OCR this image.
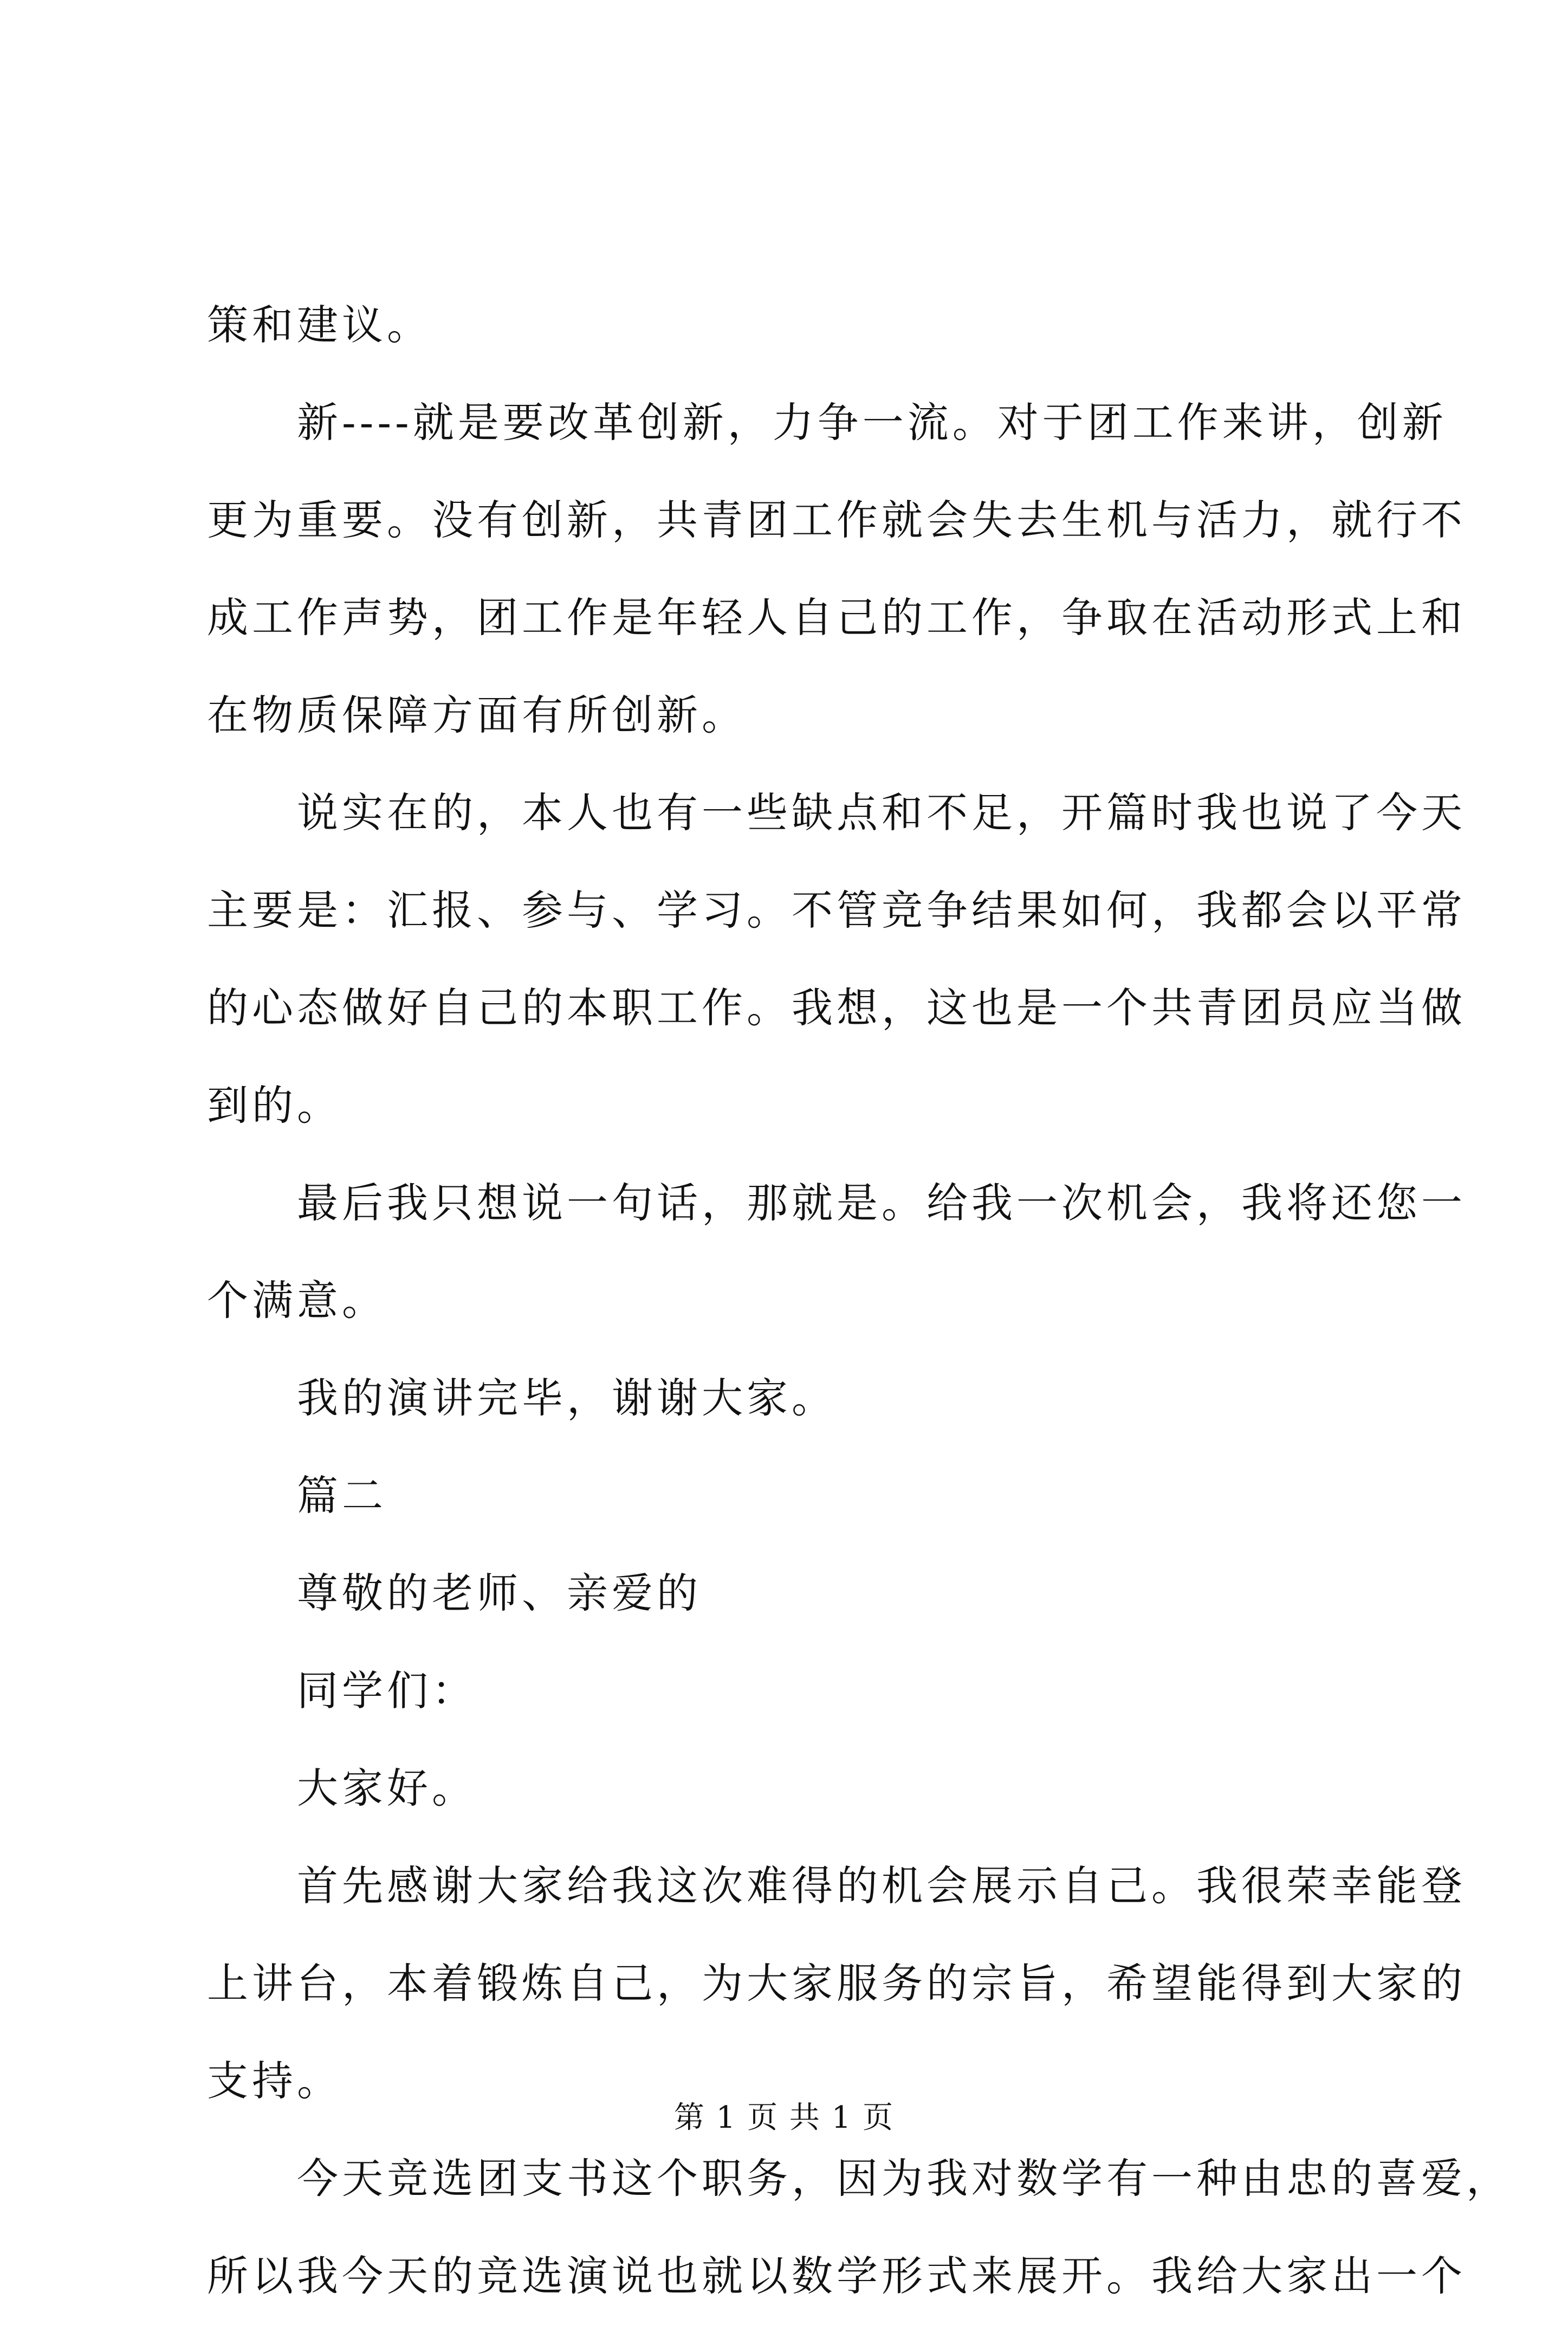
策和建议。
新----就是要改革创新，力争一流。对于团工作来讲，创新
更为重要。没有创新，共青团工作就会失去生机与活力，就行不
成工作声势，团工作是年轻人自己的工作，争取在活动形式上和
在物质保障方面有所创新。
说实在的，本人也有一些缺点和不足，开篇时我也说了今天
主要是：汇报、参与、学习。不管竞争结果如何，我都会以平常
的心态做好自己的本职工作。我想，这也是一个共青团员应当做
到的。
最后我只想说一句话，那就是。给我一次机会，我将还您一
个满意。
我的演讲完毕，谢谢大家。
篇二
尊敬的老师、亲爱的
同学们：
大家好。
首先感谢大家给我这次难得的机会展示自己。我很荣幸能登
上讲台，本着锻炼自己，为大家服务的宗旨，希望能得到大家的
支持。
今天竞选团支书这个职务，因为我对数学有一种由忠的喜爱，
所以我今天的竞选演说也就以数学形式来展开。我给大家出一个
第 1 页 共 1 页
